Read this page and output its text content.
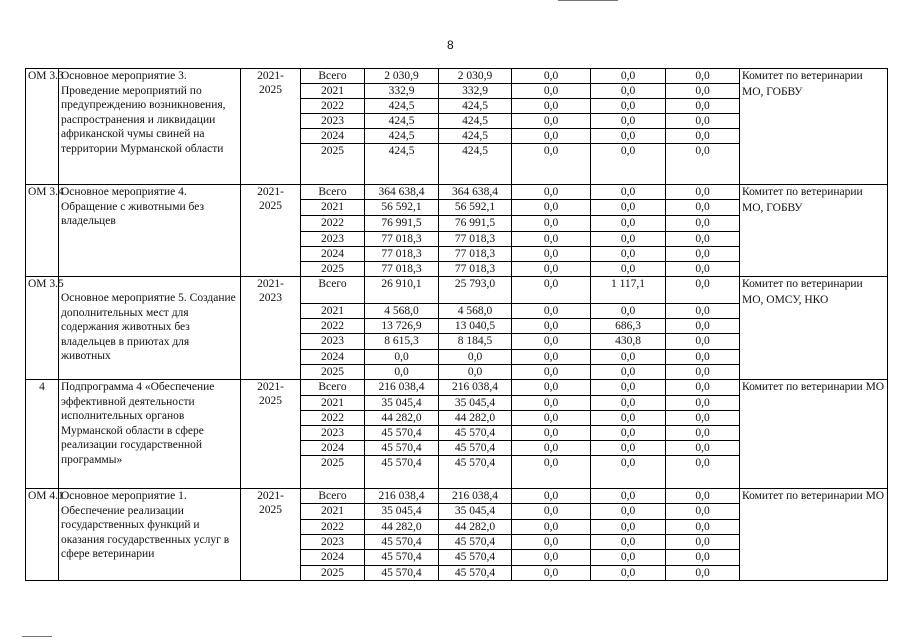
8
ОМ 3.3	Основное мероприятие 3. Проведение мероприятий по предупреждению возникновения, распространения и ликвидации африканской чумы свиней на территории Мурманской области	2021-2025	Всего	2 030,9	2 030,9	0,0	0,0	0,0	Комитет по ветеринарии МО, ГОБВУ
			2021	332,9	332,9	0,0	0,0	0,0	
			2022	424,5	424,5	0,0	0,0	0,0	
			2023	424,5	424,5	0,0	0,0	0,0	
			2024	424,5	424,5	0,0	0,0	0,0	
			2025	424,5	424,5	0,0	0,0	0,0	
ОМ 3.4	Основное мероприятие 4. Обращение с животными без владельцев	2021-2025	Всего	364 638,4	364 638,4	0,0	0,0	0,0	Комитет по ветеринарии МО, ГОБВУ
			2021	56 592,1	56 592,1	0,0	0,0	0,0	
			2022	76 991,5	76 991,5	0,0	0,0	0,0	
			2023	77 018,3	77 018,3	0,0	0,0	0,0	
			2024	77 018,3	77 018,3	0,0	0,0	0,0	
			2025	77 018,3	77 018,3	0,0	0,0	0,0	
ОМ 3.5	Основное мероприятие 5. Создание дополнительных мест для содержания животных без владельцев в приютах для животных	2021-2023	Всего	26 910,1	25 793,0	0,0	1 117,1	0,0	Комитет по ветеринарии МО, ОМСУ, НКО
			2021	4 568,0	4 568,0	0,0	0,0	0,0	
			2022	13 726,9	13 040,5	0,0	686,3	0,0	
			2023	8 615,3	8 184,5	0,0	430,8	0,0	
			2024	0,0	0,0	0,0	0,0	0,0	
			2025	0,0	0,0	0,0	0,0	0,0	
4	Подпрограмма 4 «Обеспечение эффективной деятельности исполнительных органов Мурманской области в сфере реализации государственной программы»	2021-2025	Всего	216 038,4	216 038,4	0,0	0,0	0,0	Комитет по ветеринарии МО
			2021	35 045,4	35 045,4	0,0	0,0	0,0	
			2022	44 282,0	44 282,0	0,0	0,0	0,0	
			2023	45 570,4	45 570,4	0,0	0,0	0,0	
			2024	45 570,4	45 570,4	0,0	0,0	0,0	
			2025	45 570,4	45 570,4	0,0	0,0	0,0	
ОМ 4.1	Основное мероприятие 1. Обеспечение реализации государственных функций и оказания государственных услуг в сфере ветеринарии	2021-2025	Всего	216 038,4	216 038,4	0,0	0,0	0,0	Комитет по ветеринарии МО
			2021	35 045,4	35 045,4	0,0	0,0	0,0	
			2022	44 282,0	44 282,0	0,0	0,0	0,0	
			2023	45 570,4	45 570,4	0,0	0,0	0,0	
			2024	45 570,4	45 570,4	0,0	0,0	0,0	
			2025	45 570,4	45 570,4	0,0	0,0	0,0	
